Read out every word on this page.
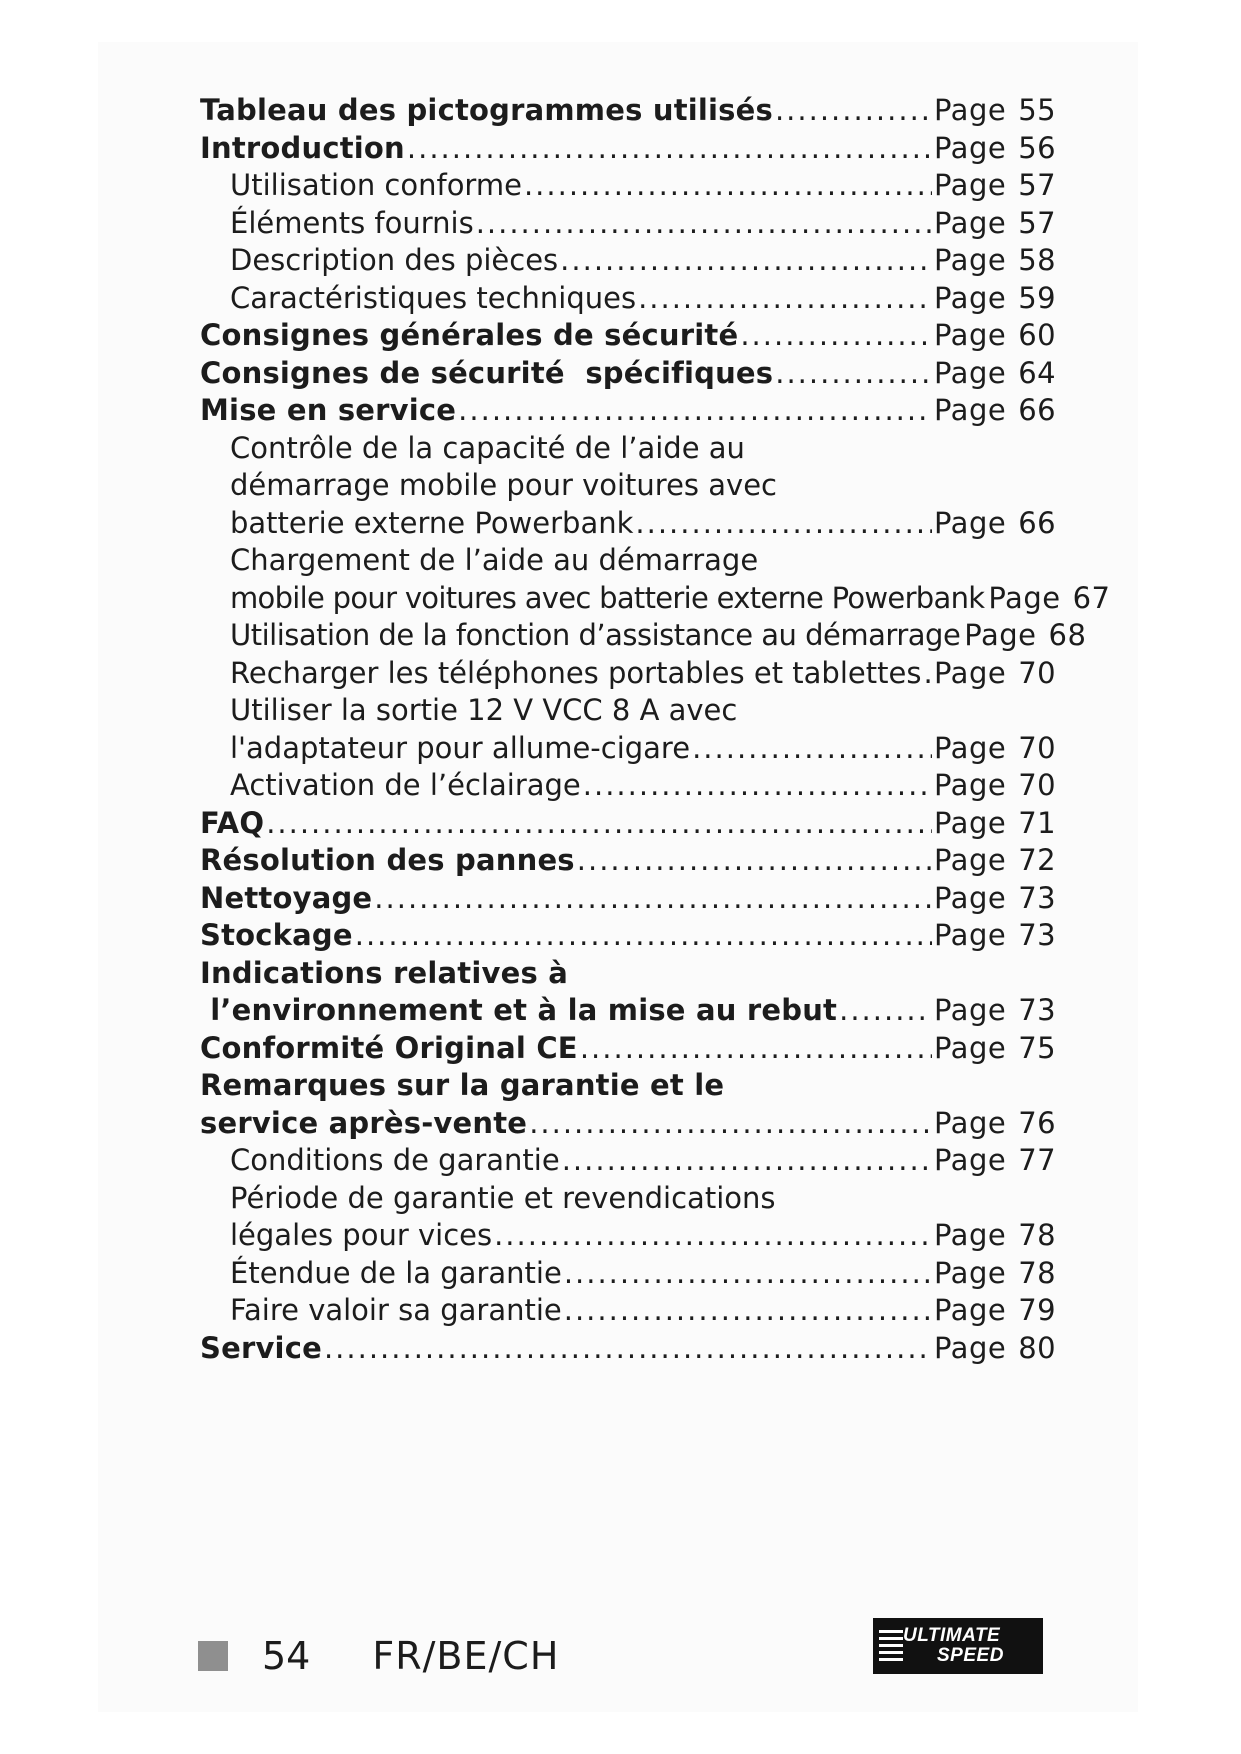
Tableau des pictogrammes utilisés .....	Page 55
Introduction .....	Page 56
Utilisation conforme .....	Page 57
Éléments fournis .....	Page 57
Description des pièces .....	Page 58
Caractéristiques techniques .....	Page 59
Consignes générales de sécurité .....	Page 60
Consignes de sécurité  spécifiques .....	Page 64
Mise en service .....	Page 66
Contrôle de la capacité de l’aide au
démarrage mobile pour voitures avec
batterie externe Powerbank .....	Page 66
Chargement de l’aide au démarrage
mobile pour voitures avec batterie externe Powerbank Page 67
Utilisation de la fonction d’assistance au démarrage Page 68
Recharger les téléphones portables et tablettes ..... Page 70
Utiliser la sortie 12 V VCC 8 A avec
l'adaptateur pour allume-cigare .....	Page 70
Activation de l’éclairage .....	Page 70
FAQ .....	Page 71
Résolution des pannes .....	Page 72
Nettoyage .....	Page 73
Stockage .....	Page 73
Indications relatives à
l’environnement et à la mise au rebut .....	Page 73
Conformité Original CE .....	Page 75
Remarques sur la garantie et le
service après-vente .....	Page 76
Conditions de garantie .....	Page 77
Période de garantie et revendications
légales pour vices .....	Page 78
Étendue de la garantie .....	Page 78
Faire valoir sa garantie .....	Page 79
Service .....	Page 80
54 FR/BE/CH	ULTIMATE
SPEED
